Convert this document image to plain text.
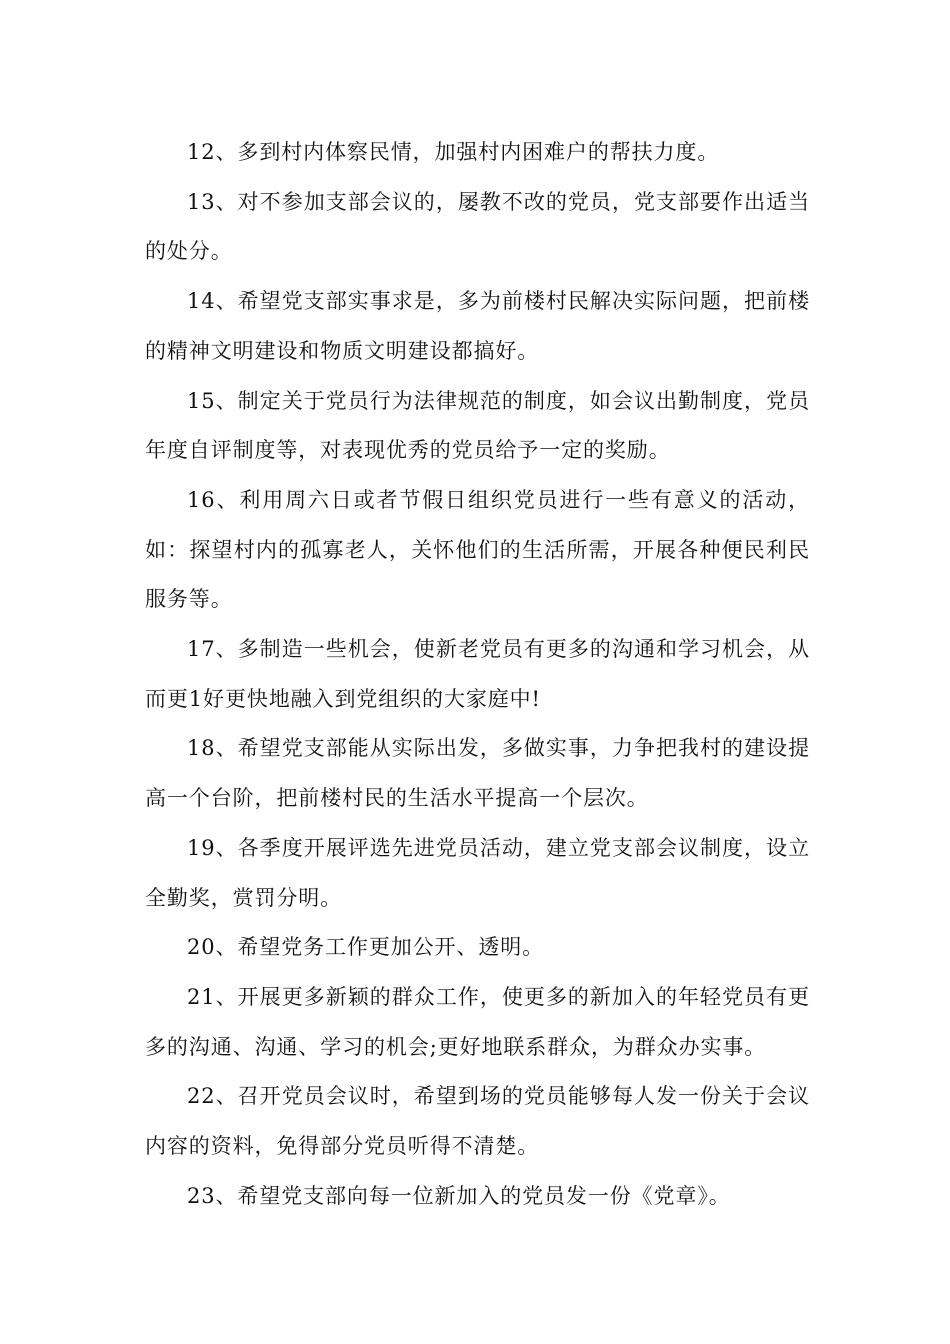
12、多到村内体察民情，加强村内困难户的帮扶力度。

13、对不参加支部会议的，屡教不改的党员，党支部要作出适当的处分。

14、希望党支部实事求是，多为前楼村民解决实际问题，把前楼的精神文明建设和物质文明建设都搞好。

15、制定关于党员行为法律规范的制度，如会议出勤制度，党员年度自评制度等，对表现优秀的党员给予一定的奖励。

16、利用周六日或者节假日组织党员进行一些有意义的活动，如：探望村内的孤寡老人，关怀他们的生活所需，开展各种便民利民服务等。

17、多制造一些机会，使新老党员有更多的沟通和学习机会，从而更1好更快地融入到党组织的大家庭中!

18、希望党支部能从实际出发，多做实事，力争把我村的建设提高一个台阶，把前楼村民的生活水平提高一个层次。

19、各季度开展评选先进党员活动，建立党支部会议制度，设立全勤奖，赏罚分明。

20、希望党务工作更加公开、透明。

21、开展更多新颖的群众工作，使更多的新加入的年轻党员有更多的沟通、沟通、学习的机会;更好地联系群众，为群众办实事。

22、召开党员会议时，希望到场的党员能够每人发一份关于会议内容的资料，免得部分党员听得不清楚。

23、希望党支部向每一位新加入的党员发一份《党章》。
